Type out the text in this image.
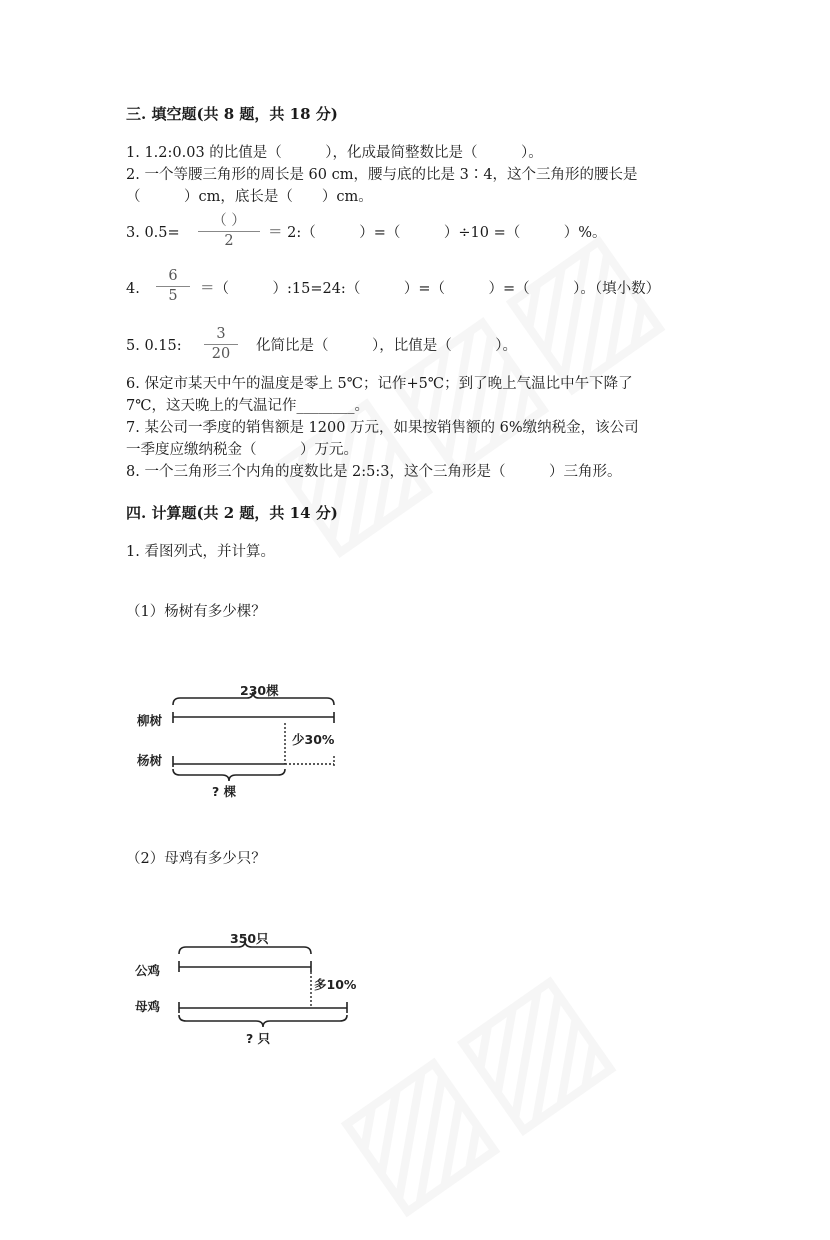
三. 填空题(共 8 题，共 18 分)
1. 1.2:0.03 的比值是（　　　），化成最简整数比是（　　　）。
2. 一个等腰三角形的周长是 60 cm，腰与底的比是 3∶4，这个三角形的腰长是
（　　　）cm，底长是（　　）cm。
3. 0.5=
（ ）
2	＝ 2:（　　　）=（　　　）÷10 =（　　　）%。
4.
6
5	＝（　　　）:15=24:（　　　）=（　　　）=（　　　）。（填小数）
5. 0.15:
3
20	化简比是（　　　），比值是（　　　）。
6. 保定市某天中午的温度是零上 5℃；记作+5℃；到了晚上气温比中午下降了
7℃，这天晚上的气温记作________。
7. 某公司一季度的销售额是 1200 万元，如果按销售额的 6%缴纳税金，该公司
一季度应缴纳税金（　　　）万元。
8. 一个三角形三个内角的度数比是 2:5:3，这个三角形是（　　　）三角形。
四. 计算题(共 2 题，共 14 分)
1. 看图列式，并计算。
（1）杨树有多少棵？
230棵
柳树
杨树
少30%
? 棵
（2）母鸡有多少只？
350只
公鸡
母鸡
多10%
? 只
